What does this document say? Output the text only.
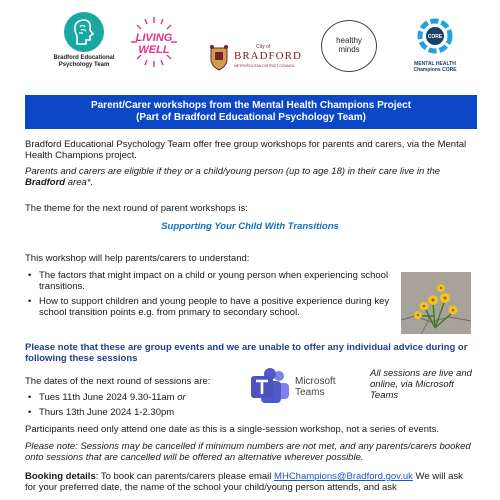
Bradford Educational
Psychology Team
LIVING
WELL	City of
BRADFORD
METROPOLITAN DISTRICT COUNCIL
healthy
minds
CORE
MENTAL HEALTH
Champions CORE
Parent/Carer workshops from the Mental Health Champions Project
(Part of Bradford Educational Psychology Team)
Bradford Educational Psychology Team offer free group workshops for parents and carers, via the Mental Health Champions project.
Parents and carers are eligible if they or a child/young person (up to age 18) in their care live in the Bradford area*.
The theme for the next round of parent workshops is:
Supporting Your Child With Transitions
This workshop will help parents/carers to understand:
• The factors that might impact on a child or young person when experiencing school transitions.
• How to support children and young people to have a positive experience during key school transition points e.g. from primary to secondary school.
Please note that these are group events and we are unable to offer any individual advice during or following these sessions
The dates of the next round of sessions are:
• Tues 11th June 2024 9.30-11am or
• Thurs 13th June 2024 1-2.30pm
Microsoft
Teams
All sessions are live and online, via Microsoft Teams
Participants need only attend one date as this is a single-session workshop, not a series of events.
Please note: Sessions may be cancelled if minimum numbers are not met, and any parents/carers booked onto sessions that are cancelled will be offered an alternative wherever possible.
Booking details: To book can parents/carers please email MHChampions@Bradford.gov.uk We will ask for your preferred date, the name of the school your child/young person attends, and ask
